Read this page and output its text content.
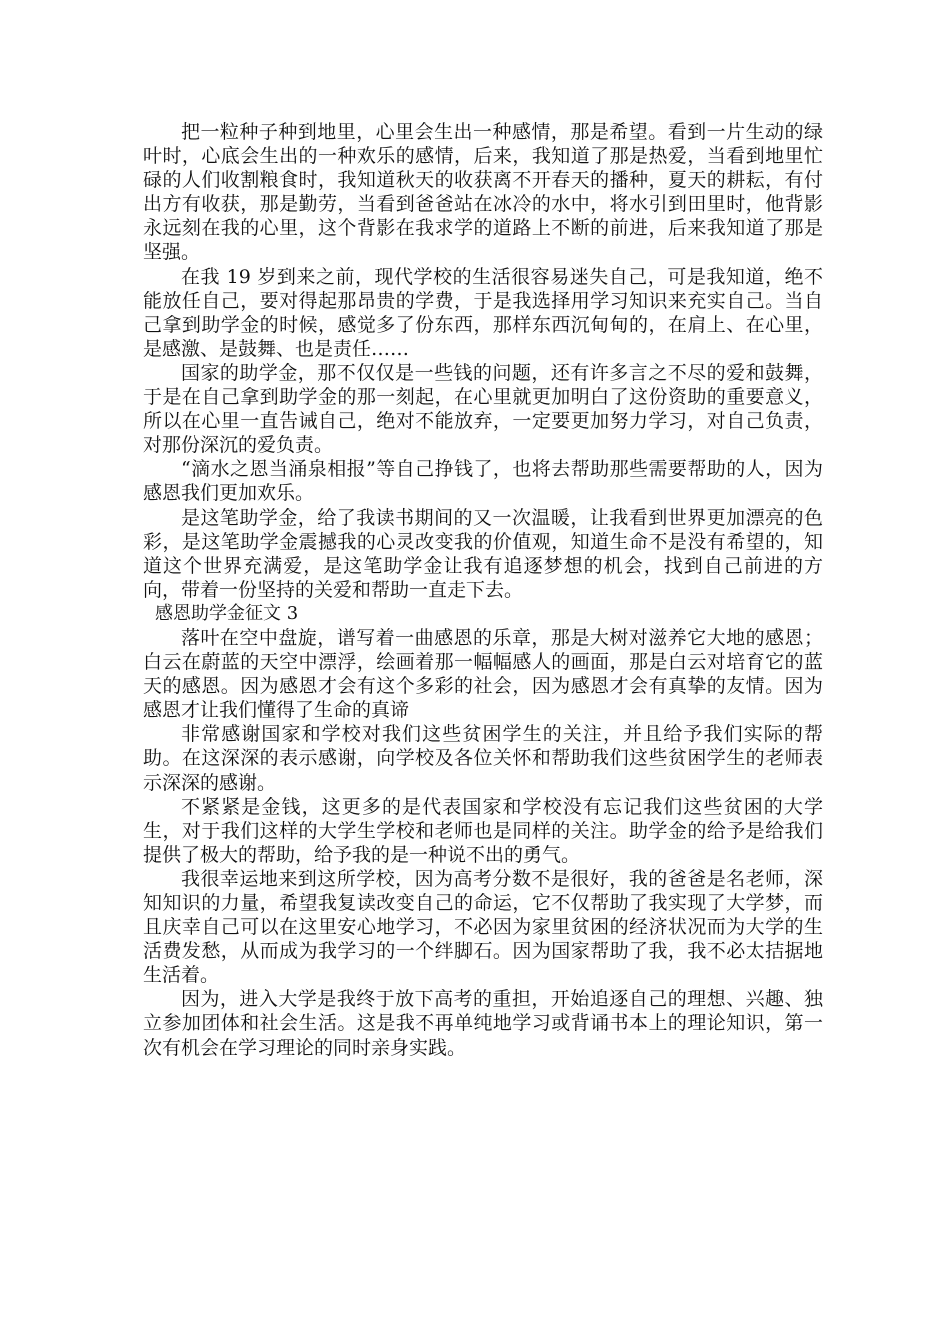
把一粒种子种到地里，心里会生出一种感情，那是希望。看到一片生动的绿叶时，心底会生出的一种欢乐的感情，后来，我知道了那是热爱，当看到地里忙碌的人们收割粮食时，我知道秋天的收获离不开春天的播种，夏天的耕耘，有付出方有收获，那是勤劳，当看到爸爸站在冰冷的水中，将水引到田里时，他背影永远刻在我的心里，这个背影在我求学的道路上不断的前进，后来我知道了那是坚强。

在我 19 岁到来之前，现代学校的生活很容易迷失自己，可是我知道，绝不能放任自己，要对得起那昂贵的学费，于是我选择用学习知识来充实自己。当自己拿到助学金的时候，感觉多了份东西，那样东西沉甸甸的，在肩上、在心里，是感激、是鼓舞、也是责任……

国家的助学金，那不仅仅是一些钱的问题，还有许多言之不尽的爱和鼓舞，于是在自己拿到助学金的那一刻起，在心里就更加明白了这份资助的重要意义，所以在心里一直告诫自己，绝对不能放弃，一定要更加努力学习，对自己负责，对那份深沉的爱负责。

“滴水之恩当涌泉相报”等自己挣钱了，也将去帮助那些需要帮助的人，因为感恩我们更加欢乐。

是这笔助学金，给了我读书期间的又一次温暖，让我看到世界更加漂亮的色彩，是这笔助学金震撼我的心灵改变我的价值观，知道生命不是没有希望的，知道这个世界充满爱，是这笔助学金让我有追逐梦想的机会，找到自己前进的方向，带着一份坚持的关爱和帮助一直走下去。

感恩助学金征文 3

落叶在空中盘旋，谱写着一曲感恩的乐章，那是大树对滋养它大地的感恩；白云在蔚蓝的天空中漂浮，绘画着那一幅幅感人的画面，那是白云对培育它的蓝天的感恩。因为感恩才会有这个多彩的社会，因为感恩才会有真挚的友情。因为感恩才让我们懂得了生命的真谛

非常感谢国家和学校对我们这些贫困学生的关注，并且给予我们实际的帮助。在这深深的表示感谢，向学校及各位关怀和帮助我们这些贫困学生的老师表示深深的感谢。

不紧紧是金钱，这更多的是代表国家和学校没有忘记我们这些贫困的大学生，对于我们这样的大学生学校和老师也是同样的关注。助学金的给予是给我们提供了极大的帮助，给予我的是一种说不出的勇气。

我很幸运地来到这所学校，因为高考分数不是很好，我的爸爸是名老师，深知知识的力量，希望我复读改变自己的命运，它不仅帮助了我实现了大学梦，而且庆幸自己可以在这里安心地学习，不必因为家里贫困的经济状况而为大学的生活费发愁，从而成为我学习的一个绊脚石。因为国家帮助了我，我不必太拮据地生活着。

因为，进入大学是我终于放下高考的重担，开始追逐自己的理想、兴趣、独立参加团体和社会生活。这是我不再单纯地学习或背诵书本上的理论知识，第一次有机会在学习理论的同时亲身实践。
